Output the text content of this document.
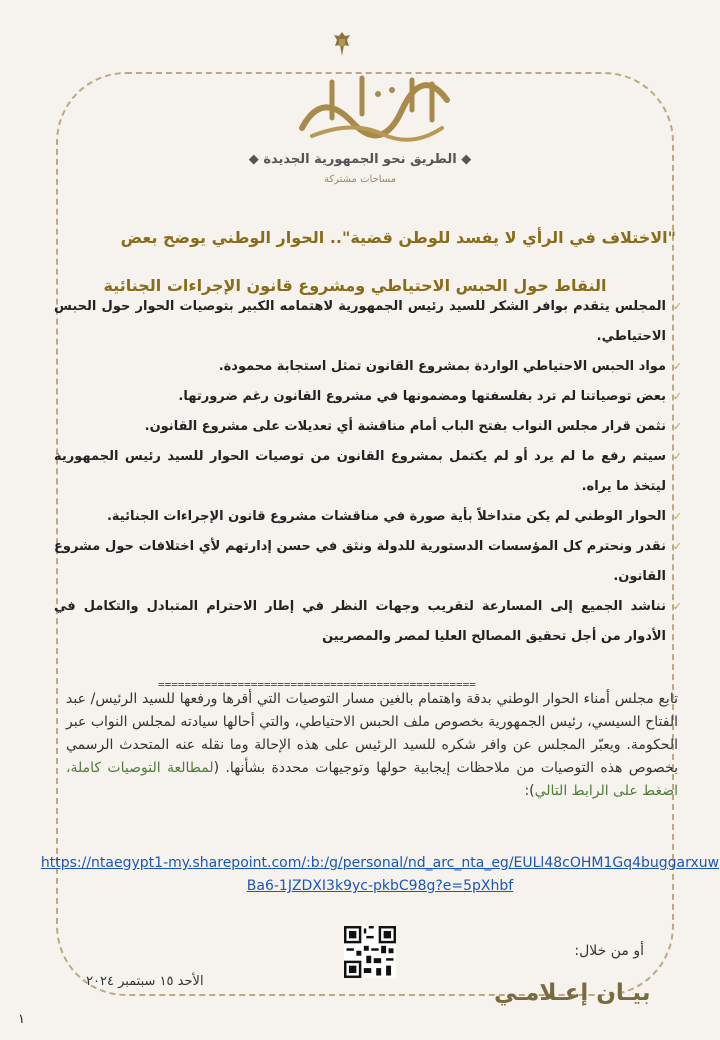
الحوار الوطني
◆ الطريق نحو الجمهورية الجديدة ◆
مساحات مشتركة
"الاختلاف في الرأي لا يفسد للوطن قضية".. الحوار الوطني يوضح بعض
النقاط حول الحبس الاحتياطي ومشروع قانون الإجراءات الجنائية
✓
المجلس يتقدم بوافر الشكر للسيد رئيس الجمهورية لاهتمامه الكبير بتوصيات الحوار حول الحبس الاحتياطي.
✓
مواد الحبس الاحتياطي الواردة بمشروع القانون تمثل استجابة محمودة.
✓
بعض توصياتنا لم ترد بفلسفتها ومضمونها في مشروع القانون رغم ضرورتها.
✓
نثمن قرار مجلس النواب بفتح الباب أمام مناقشة أي تعديلات على مشروع القانون.
✓
سيتم رفع ما لم يرد أو لم يكتمل بمشروع القانون من توصيات الحوار للسيد رئيس الجمهورية ليتخذ ما يراه.
✓
الحوار الوطني لم يكن متداخلاً بأية صورة في مناقشات مشروع قانون الإجراءات الجنائية.
✓
نقدر ونحترم كل المؤسسات الدستورية للدولة ونثق في حسن إدارتهم لأي اختلافات حول مشروع القانون.
✓
نناشد الجميع إلى المسارعة لتقريب وجهات النظر في إطار الاحترام المتبادل والتكامل في الأدوار من أجل تحقيق المصالح العليا لمصر والمصريين
================================================
تابع مجلس أمناء الحوار الوطني بدقة واهتمام بالغين مسار التوصيات التي أقرها ورفعها للسيد الرئيس/ عبد الفتاح السيسي، رئيس الجمهورية بخصوص ملف الحبس الاحتياطي، والتي أحالها سيادته لمجلس النواب عبر الحكومة. ويعبّر المجلس عن وافر شكره للسيد الرئيس على هذه الإحالة وما نقله عنه المتحدث الرسمي بخصوص هذه التوصيات من ملاحظات إيجابية حولها وتوجيهات محددة بشأنها. (لمطالعة التوصيات كاملة، اضغط على الرابط التالي):
https://ntaegypt1-my.sharepoint.com/:b:/g/personal/nd_arc_nta_eg/EULl48cOHM1Gq4buggarxuwBa6-1JZDXI3k9yc-pkbC98g?e=5pXhbf
أو من خلال:
الأحد ١٥ سبتمبر ٢٠٢٤	بيـان إعـلامـي
١
